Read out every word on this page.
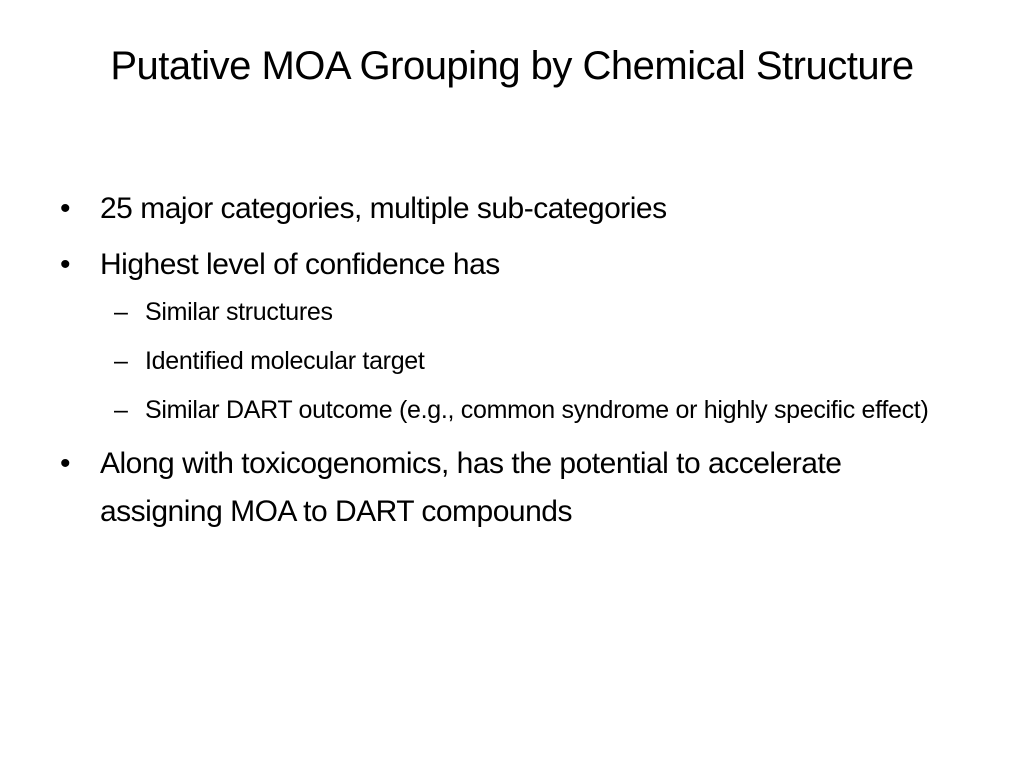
Putative MOA Grouping by Chemical Structure
• 25 major categories, multiple sub-categories
• Highest level of confidence has
– Similar structures
– Identified molecular target
– Similar DART outcome (e.g., common syndrome or highly specific effect)
• Along with toxicogenomics, has the potential to accelerate assigning MOA to DART compounds
